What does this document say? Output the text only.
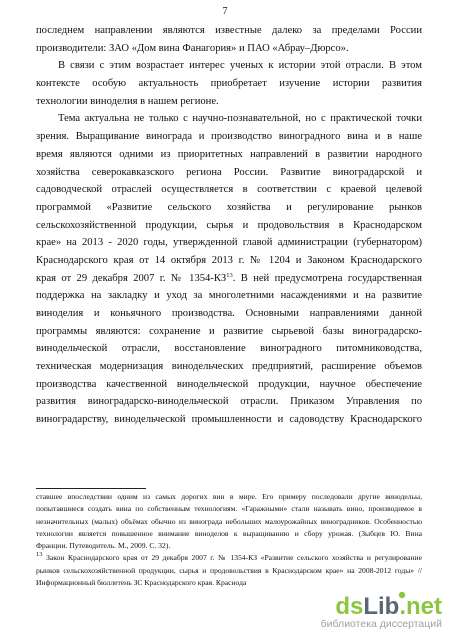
7
последнем направлении являются известные далеко за пределами России
производители: ЗАО «Дом вина Фанагория» и ПАО «Абрау–Дюрсо».
В связи с этим возрастает интерес ученых к истории этой отрасли. В этом
контексте особую актуальность приобретает изучение истории развития
технологии виноделия в нашем регионе.
Тема актуальна не только с научно-познавательной, но с практической точки
зрения. Выращивание винограда и производство виноградного вина и в наше
время являются одними из приоритетных направлений в развитии народного
хозяйства северокавказского региона России. Развитие виноградарской и
садоводческой отраслей осуществляется в соответствии с краевой целевой
программой «Развитие сельского хозяйства и регулирование рынков
сельскохозяйственной продукции, сырья и продовольствия в Краснодарском
крае» на 2013 - 2020 годы, утвержденной главой администрации (губернатором)
Краснодарского края от 14 октября 2013 г. № 1204 и Законом Краснодарского
края от 29 декабря 2007 г. № 1354-КЗ$^{13}$. В ней предусмотрена государственная
поддержка на закладку и уход за многолетними насаждениями и на развитие
виноделия и коньячного производства. Основными направлениями данной
программы являются: сохранение и развитие сырьевой базы виноградарско-
винодельческой отрасли, восстановление виноградного питомниководства,
техническая модернизация винодельческих предприятий, расширение объемов
производства качественной винодельческой продукции, научное обеспечение
развития виноградарско-винодельческой отрасли. Приказом Управления по
виноградарству, винодельческой промышленности и садоводству Краснодарского
ставшее впоследствии одним из самых дорогих вин в мире. Его примеру последовали другие винодельы,
попытавшиеся создать вина по собственным технологиям. «Гаражными» стали называть вино, производимое в
незначительных (малых) объёмах обычно из винограда небольших малоурожайных виноградников. Особенностью
технологии является повышенное внимание виноделов к выращиванию и сбору урожая. (Зыбцев Ю. Вина
Франции. Путеводитель. М., 2009. С. 32).
$^{13}$ Закон Краснодарского края от 29 декабря 2007 г. № 1354-КЗ «Развитие сельского хозяйства и регулирование
рынков сельскохозяйственной продукции, сырья и продовольствия в Краснодарском крае» на 2008-2012 годы» //
Информационный бюллетень ЗС Краснодарского края. Краснода
dsLib.net
библиотека диссертаций
